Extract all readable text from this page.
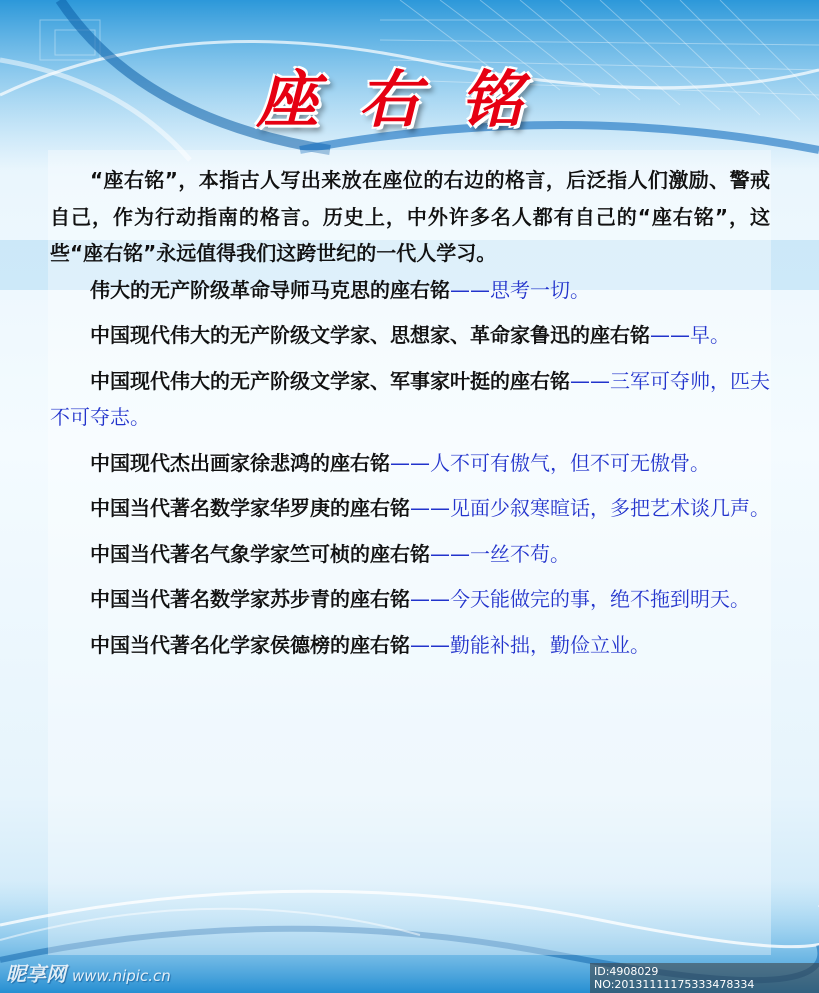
座右铭

“座右铭”，本指古人写出来放在座位的右边的格言，后泛指人们激励、警戒自己，作为行动指南的格言。历史上，中外许多名人都有自己的“座右铭”，这些“座右铭”永远值得我们这跨世纪的一代人学习。

伟大的无产阶级革命导师马克思的座右铭——思考一切。

中国现代伟大的无产阶级文学家、思想家、革命家鲁迅的座右铭——早。

中国现代伟大的无产阶级文学家、军事家叶挺的座右铭——三军可夺帅，匹夫不可夺志。

中国现代杰出画家徐悲鸿的座右铭——人不可有傲气，但不可无傲骨。

中国当代著名数学家华罗庚的座右铭——见面少叙寒暄话，多把艺术谈几声。

中国当代著名气象学家竺可桢的座右铭——一丝不苟。

中国当代著名数学家苏步青的座右铭——今天能做完的事，绝不拖到明天。

中国当代著名化学家侯德榜的座右铭——勤能补拙，勤俭立业。

昵享网 www.nipic.cn	ID:4908029 NO:20131111175333478334
